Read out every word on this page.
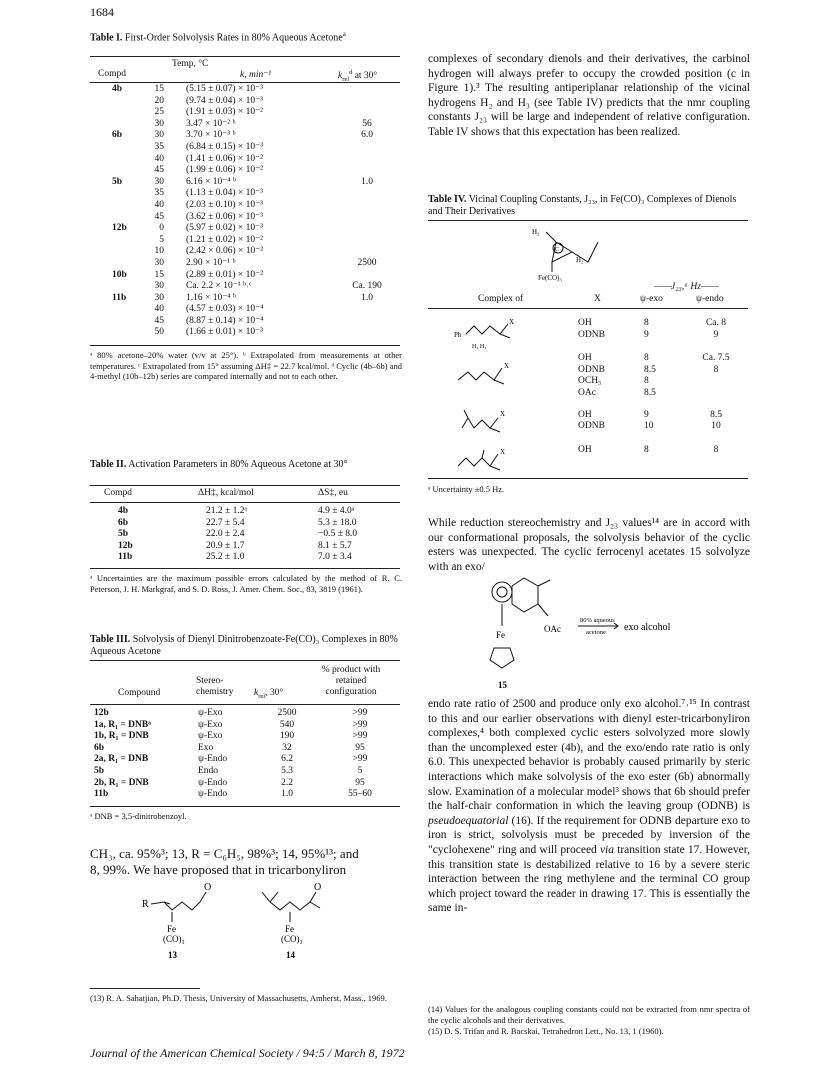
1684
Table I. First-Order Solvolysis Rates in 80% Aqueous Acetone$^a$
Temp, °C
Compd	k, min⁻¹	$k_{rel}^d$ at 30°
4b	15	(5.15 ± 0.07) × 10⁻³	
	20	(9.74 ± 0.04) × 10⁻³	
	25	(1.91 ± 0.03) × 10⁻²	
	30	3.47 × 10⁻² ᵇ	56
6b	30	3.70 × 10⁻³ ᵇ	6.0
	35	(6.84 ± 0.15) × 10⁻³	
	40	(1.41 ± 0.06) × 10⁻²	
	45	(1.99 ± 0.06) × 10⁻²	
5b	30	6.16 × 10⁻⁴ ᵇ	1.0
	35	(1.13 ± 0.04) × 10⁻³	
	40	(2.03 ± 0.10) × 10⁻³	
	45	(3.62 ± 0.06) × 10⁻³	
12b	0	(5.97 ± 0.02) × 10⁻³	
	5	(1.21 ± 0.02) × 10⁻²	
	10	(2.42 × 0.06) × 10⁻²	
	30	2.90 × 10⁻¹ ᵇ	2500
10b	15	(2.89 ± 0.01) × 10⁻²	
	30	Ca. 2.2 × 10⁻¹ ᵇ˒ᶜ	Ca. 190
11b	30	1.16 × 10⁻⁴ ᵇ	1.0
	40	(4.57 ± 0.03) × 10⁻⁴	
	45	(8.87 ± 0.14) × 10⁻⁴	
	50	(1.66 ± 0.01) × 10⁻³	
ᵃ 80% acetone–20% water (v/v at 25°). ᵇ Extrapolated from measurements at other temperatures. ᶜ Extrapolated from 15° assuming ΔH‡ = 22.7 kcal/mol. ᵈ Cyclic (4b–6b) and 4-methyl (10b–12b) series are compared internally and not to each other.
Table II. Activation Parameters in 80% Aqueous Acetone at 30°
Compd	ΔH‡, kcal/mol	ΔS‡, eu
4b	21.2 ± 1.2ᵃ	4.9 ± 4.0ᵃ
6b	22.7 ± 5.4	5.3 ± 18.0
5b	22.0 ± 2.4	−0.5 ± 8.0
12b	20.9 ± 1.7	8.1 ± 5.7
11b	25.2 ± 1.0	7.0 ± 3.4
ᵃ Uncertainties are the maximum possible errors calculated by the method of R. C. Peterson, J. H. Markgraf, and S. D. Ross, J. Amer. Chem. Soc., 83, 3819 (1961).
Table III. Solvolysis of Dienyl Dinitrobenzoate-Fe(CO)₃ Complexes in 80% Aqueous Acetone
Compound
Stereo-chemistry	$k_{rel}$, 30°
% product with retained configuration
12b	ψ-Exo	2500	>99
1a, R₁ = DNBᵃ	ψ-Exo	540	>99
1b, R₁ = DNB	ψ-Exo	190	>99
6b	Exo	32	95
2a, R₁ = DNB	ψ-Endo	6.2	>99
5b	Endo	5.3	5
2b, R₁ = DNB	ψ-Endo	2.2	95
11b	ψ-Endo	1.0	55–60
ᵃ DNB = 3,5-dinitrobenzoyl.
CH₃, ca. 95%³; 13, R = C₆H₅, 98%³; 14, 95%¹³; and
8, 99%. We have proposed that in tricarbonyliron
R
O
Fe
(CO)₃
13
O
Fe
(CO)₃
14
(13) R. A. Sahatjian, Ph.D. Thesis, University of Massachusetts, Amherst, Mass., 1969.
complexes of secondary dienols and their derivatives, the carbinol hydrogen will always prefer to occupy the crowded position (c in Figure 1).³ The resulting antiperiplanar relationship of the vicinal hydrogens H₂ and H₃ (see Table IV) predicts that the nmr coupling constants J₂₃ will be large and independent of relative configuration. Table IV shows that this expectation has been realized.
Table IV. Vicinal Coupling Constants, J₂₃, in Fe(CO)₃ Complexes of Dienols and Their Derivatives
H₃
C
H₂
Fe(CO)₃
——J₂₃,ᵃ Hz——
Complex of	X	ψ-exo	ψ-endo
Ph
X
H₂ H₃
X
X
X
OH	8	Ca. 8
ODNB	9	9

OH	8	Ca. 7.5
ODNB	8.5	8
OCH₃	8	
OAc	8.5	

OH	9	8.5
ODNB	10	10

OH	8	8

ᵃ Uncertainty ±0.5 Hz.
While reduction stereochemistry and J₂₃ values¹⁴ are in accord with our conformational proposals, the solvolysis behavior of the cyclic esters was unexpected. The cyclic ferrocenyl acetates 15 solvolyze with an exo/
Fe
OAc
80% aqueous
acetone exo alcohol
15
endo rate ratio of 2500 and produce only exo alcohol.⁷˒¹⁵ In contrast to this and our earlier observations with dienyl ester-tricarbonyliron complexes,⁴ both complexed cyclic esters solvolyzed more slowly than the uncomplexed ester (4b), and the exo/endo rate ratio is only 6.0. This unexpected behavior is probably caused primarily by steric interactions which make solvolysis of the exo ester (6b) abnormally slow. Examination of a molecular model³ shows that 6b should prefer the half-chair conformation in which the leaving group (ODNB) is pseudoequatorial (16). If the requirement for ODNB departure exo to iron is strict, solvolysis must be preceded by inversion of the "cyclohexene" ring and will proceed via transition state 17. However, this transition state is destabilized relative to 16 by a severe steric interaction between the ring methylene and the terminal CO group which project toward the reader in drawing 17. This is essentially the same in-
(14) Values for the analogous coupling constants could not be extracted from nmr spectra of the cyclic alcohols and their derivatives.
(15) D. S. Trifan and R. Bacskai, Tetrahedron Lett., No. 13, 1 (1960).
Journal of the American Chemical Society / 94:5 / March 8, 1972
